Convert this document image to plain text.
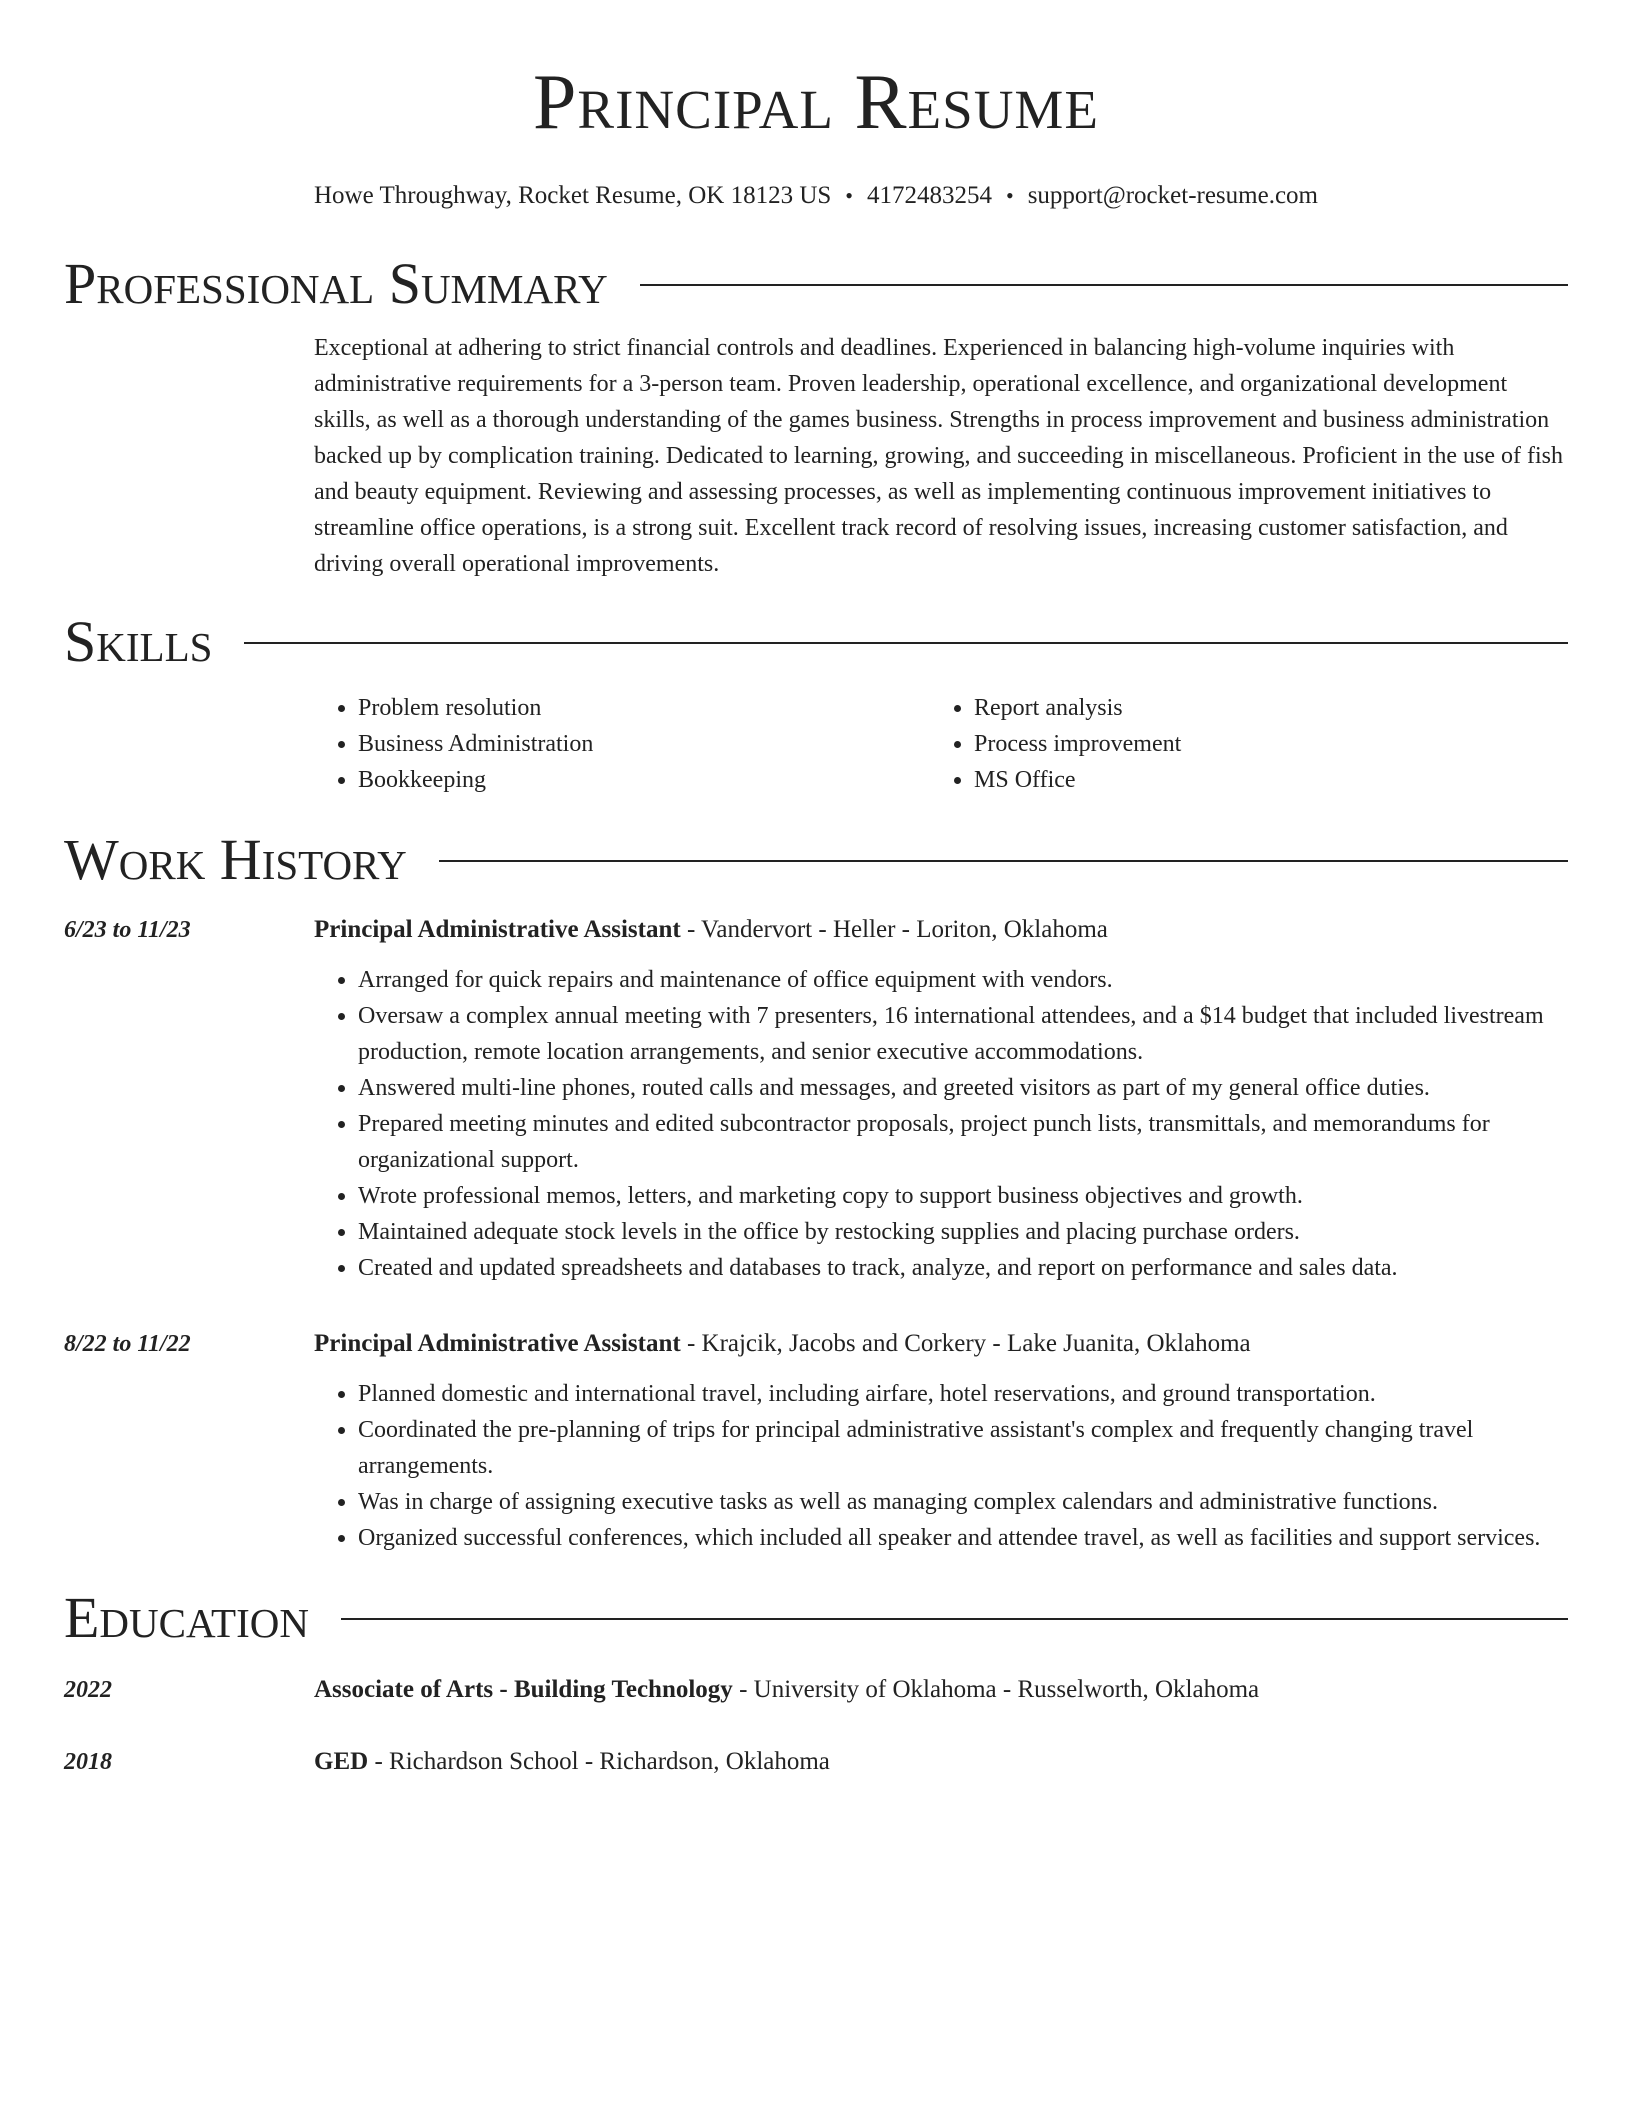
Principal Resume
Howe Throughway, Rocket Resume, OK 18123 US • 4172483254 • support@rocket-resume.com
Professional Summary
Exceptional at adhering to strict financial controls and deadlines. Experienced in balancing high-volume inquiries with administrative requirements for a 3-person team. Proven leadership, operational excellence, and organizational development skills, as well as a thorough understanding of the games business. Strengths in process improvement and business administration backed up by complication training. Dedicated to learning, growing, and succeeding in miscellaneous. Proficient in the use of fish and beauty equipment. Reviewing and assessing processes, as well as implementing continuous improvement initiatives to streamline office operations, is a strong suit. Excellent track record of resolving issues, increasing customer satisfaction, and driving overall operational improvements.
Skills
• Problem resolution
• Business Administration
• Bookkeeping
• Report analysis
• Process improvement
• MS Office
Work History
6/23 to 11/23	Principal Administrative Assistant - Vandervort - Heller - Loriton, Oklahoma
• Arranged for quick repairs and maintenance of office equipment with vendors.
• Oversaw a complex annual meeting with 7 presenters, 16 international attendees, and a $14 budget that included livestream production, remote location arrangements, and senior executive accommodations.
• Answered multi-line phones, routed calls and messages, and greeted visitors as part of my general office duties.
• Prepared meeting minutes and edited subcontractor proposals, project punch lists, transmittals, and memorandums for organizational support.
• Wrote professional memos, letters, and marketing copy to support business objectives and growth.
• Maintained adequate stock levels in the office by restocking supplies and placing purchase orders.
• Created and updated spreadsheets and databases to track, analyze, and report on performance and sales data.
8/22 to 11/22	Principal Administrative Assistant - Krajcik, Jacobs and Corkery - Lake Juanita, Oklahoma
• Planned domestic and international travel, including airfare, hotel reservations, and ground transportation.
• Coordinated the pre-planning of trips for principal administrative assistant's complex and frequently changing travel arrangements.
• Was in charge of assigning executive tasks as well as managing complex calendars and administrative functions.
• Organized successful conferences, which included all speaker and attendee travel, as well as facilities and support services.
Education
2022	Associate of Arts - Building Technology - University of Oklahoma - Russelworth, Oklahoma
2018	GED - Richardson School - Richardson, Oklahoma
